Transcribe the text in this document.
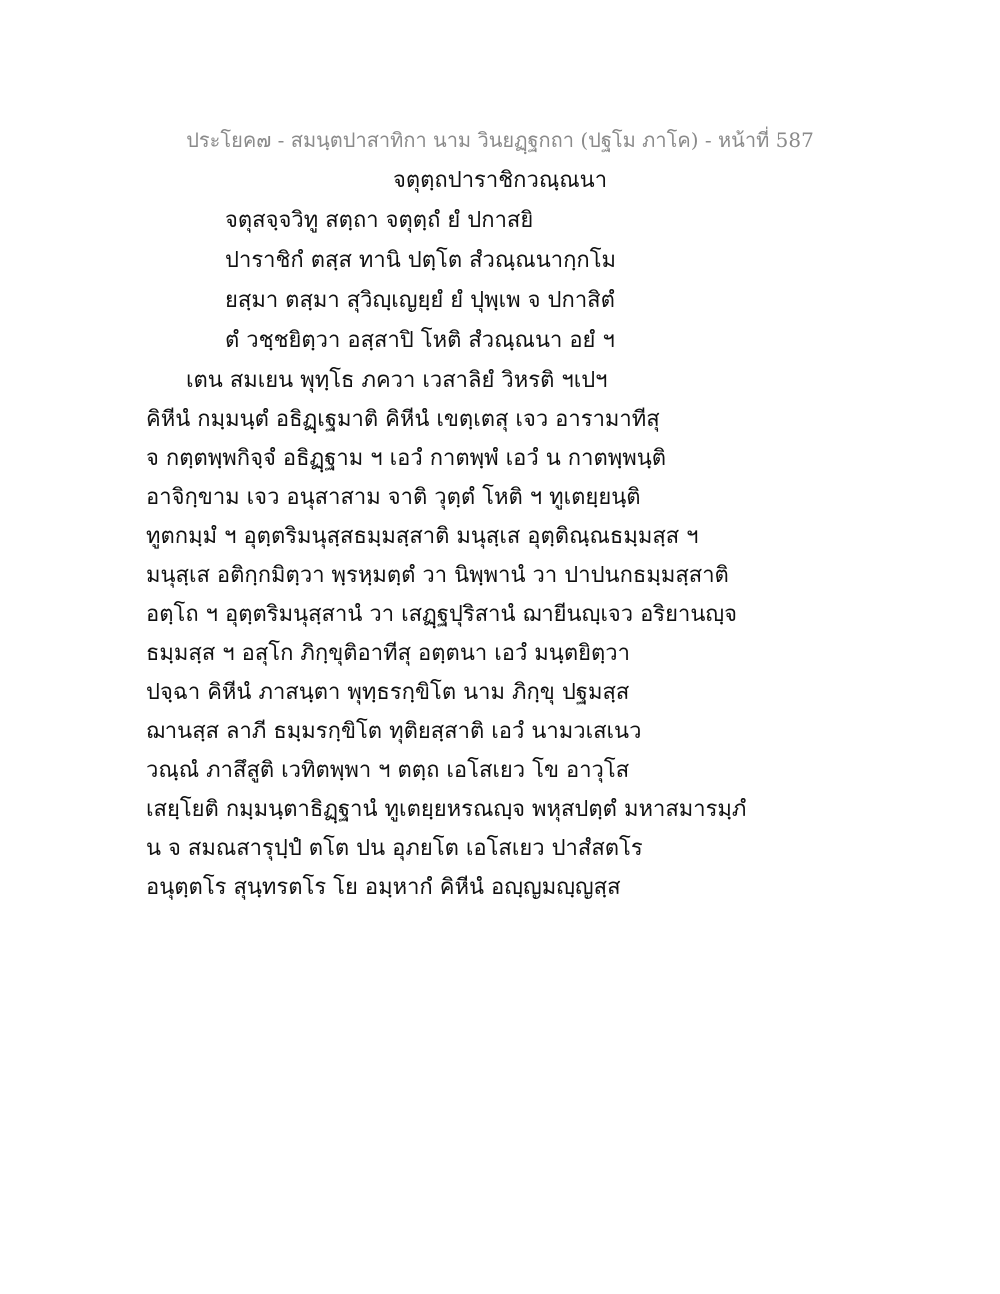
ประโยค๗ - สมนฺตปาสาทิกา นาม วินยฏฺฐกถา (ปฐโม ภาโค) - หน้าที่ 587
จตุตฺถปาราชิกวณฺณนา
จตุสจฺจวิทู สตฺถา จตุตฺถํ ยํ ปกาสยิ
ปาราชิกํ ตสฺส ทานิ ปตฺโต สํวณฺณนากฺกโม
ยสฺมา ตสฺมา สุวิญฺเญยฺยํ ยํ ปุพฺเพ จ ปกาสิตํ
ตํ วชฺชยิตฺวา อสฺสาปิ โหติ สํวณฺณนา อยํ ฯ
เตน สมเยน พุทฺโธ ภควา เวสาลิยํ วิหรติ ฯเปฯ
คิหีนํ กมฺมนฺตํ อธิฏฺเฐมาติ คิหีนํ เขตฺเตสุ เจว อารามาทีสุ
จ กตฺตพฺพกิจฺจํ อธิฏฺฐาม ฯ เอวํ กาตพฺพํ เอวํ น กาตพฺพนฺติ
อาจิกฺขาม เจว อนุสาสาม จาติ วุตฺตํ โหติ ฯ ทูเตยฺยนฺติ
ทูตกมฺมํ ฯ อุตฺตริมนุสฺสธมฺมสฺสาติ มนุสฺเส อุตฺติณฺณธมฺมสฺส ฯ
มนุสฺเส อติกฺกมิตฺวา พฺรหฺมตฺตํ วา นิพฺพานํ วา ปาปนกธมฺมสฺสาติ
อตฺโถ ฯ อุตฺตริมนุสฺสานํ วา เสฏฺฐปุริสานํ ฌายีนญฺเจว อริยานญฺจ
ธมฺมสฺส ฯ อสุโก ภิกฺขุติอาทีสุ อตฺตนา เอวํ มนฺตยิตฺวา
ปจฺฉา คิหีนํ ภาสนฺตา พุทฺธรกฺขิโต นาม ภิกฺขุ ปฐมสฺส
ฌานสฺส ลาภี ธมฺมรกฺขิโต ทุติยสฺสาติ เอวํ นามวเสเนว
วณฺณํ ภาสึสูติ เวทิตพฺพา ฯ ตตฺถ เอโสเยว โข อาวุโส
เสยฺโยติ กมฺมนฺตาธิฏฺฐานํ ทูเตยฺยหรณญฺจ พหุสปตฺตํ มหาสมารมฺภํ
น จ สมณสารุปฺปํ ตโต ปน อุภยโต เอโสเยว ปาสํสตโร
อนุตฺตโร สุนฺทรตโร โย อมฺหากํ คิหีนํ อญฺญมญฺญสฺส
